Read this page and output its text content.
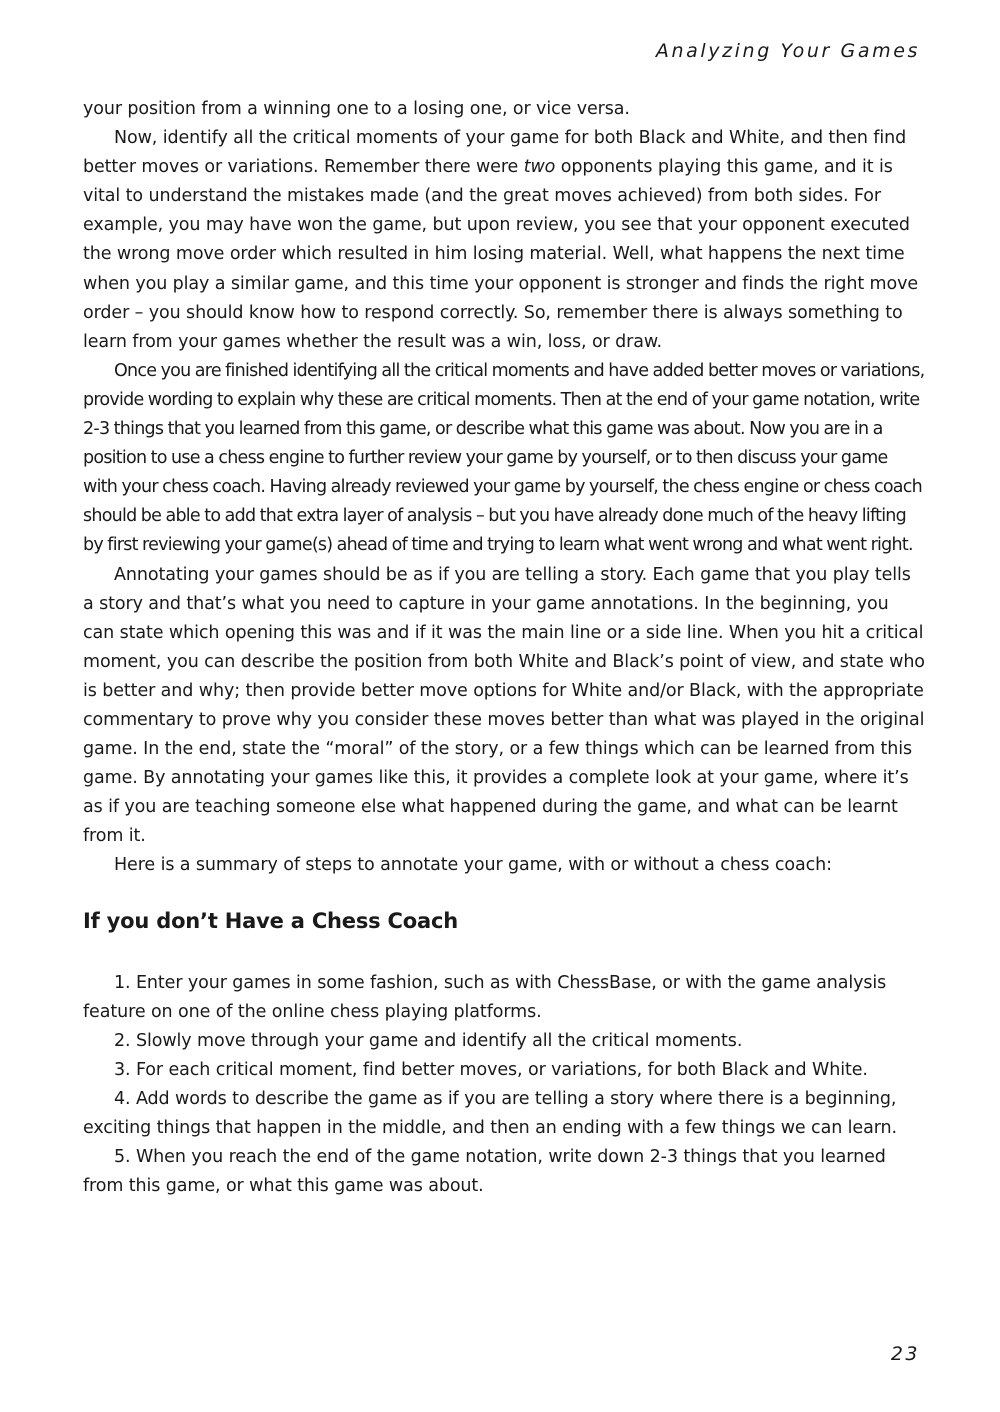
Analyzing Your Games

your position from a winning one to a losing one, or vice versa.

Now, identify all the critical moments of your game for both Black and White, and then find better moves or variations. Remember there were two opponents playing this game, and it is vital to understand the mistakes made (and the great moves achieved) from both sides. For example, you may have won the game, but upon review, you see that your opponent executed the wrong move order which resulted in him losing material. Well, what happens the next time when you play a similar game, and this time your opponent is stronger and finds the right move order – you should know how to respond correctly. So, remember there is always something to learn from your games whether the result was a win, loss, or draw.

Once you are finished identifying all the critical moments and have added better moves or variations, provide wording to explain why these are critical moments. Then at the end of your game notation, write 2-3 things that you learned from this game, or describe what this game was about. Now you are in a position to use a chess engine to further review your game by yourself, or to then discuss your game with your chess coach. Having already reviewed your game by yourself, the chess engine or chess coach should be able to add that extra layer of analysis – but you have already done much of the heavy lifting by first reviewing your game(s) ahead of time and trying to learn what went wrong and what went right.

Annotating your games should be as if you are telling a story. Each game that you play tells a story and that’s what you need to capture in your game annotations. In the beginning, you can state which opening this was and if it was the main line or a side line. When you hit a critical moment, you can describe the position from both White and Black’s point of view, and state who is better and why; then provide better move options for White and/or Black, with the appropriate commentary to prove why you consider these moves better than what was played in the original game. In the end, state the “moral” of the story, or a few things which can be learned from this game. By annotating your games like this, it provides a complete look at your game, where it’s as if you are teaching someone else what happened during the game, and what can be learnt from it.

Here is a summary of steps to annotate your game, with or without a chess coach:

If you don’t Have a Chess Coach

1. Enter your games in some fashion, such as with ChessBase, or with the game analysis feature on one of the online chess playing platforms.

2. Slowly move through your game and identify all the critical moments.

3. For each critical moment, find better moves, or variations, for both Black and White.

4. Add words to describe the game as if you are telling a story where there is a beginning, exciting things that happen in the middle, and then an ending with a few things we can learn.

5. When you reach the end of the game notation, write down 2-3 things that you learned from this game, or what this game was about.

23
